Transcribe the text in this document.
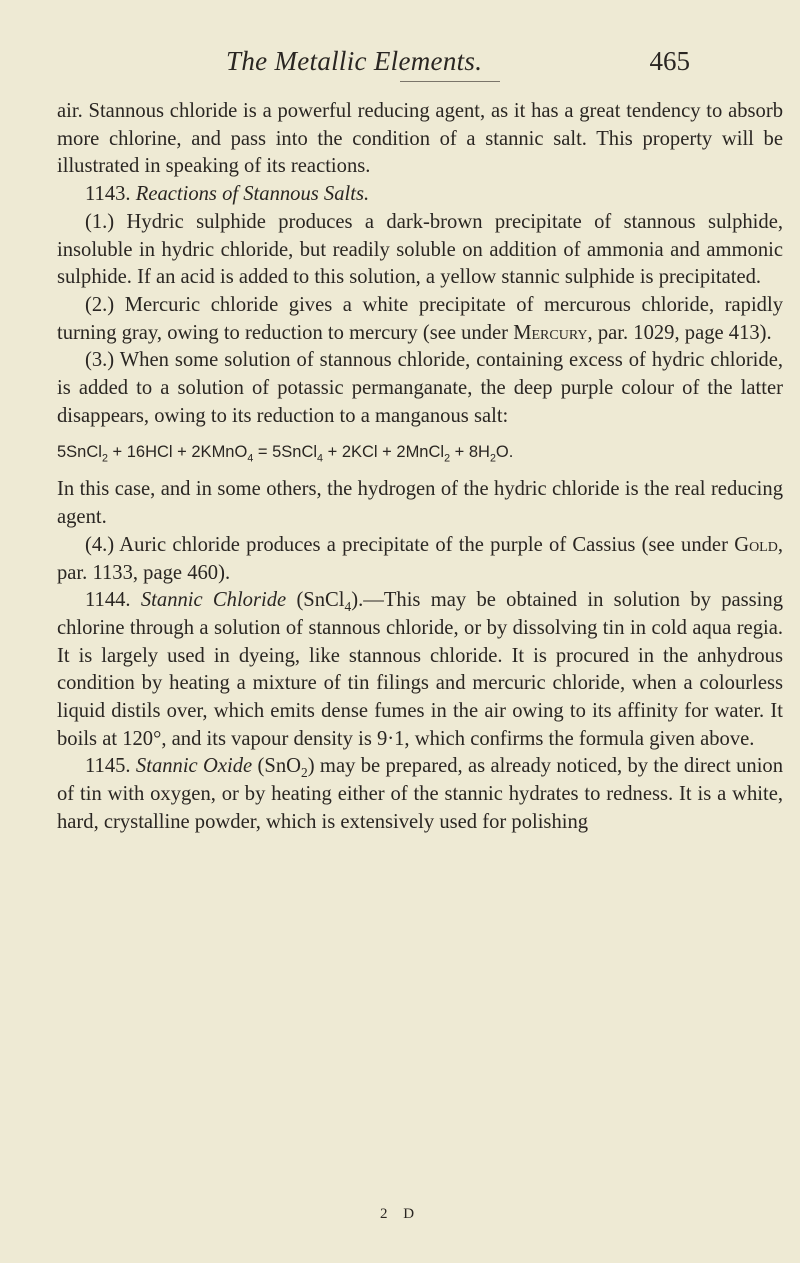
The Metallic Elements.	465

air. Stannous chloride is a powerful reducing agent, as it has a great tendency to absorb more chlorine, and pass into the condition of a stannic salt. This property will be illustrated in speaking of its reactions.

1143. Reactions of Stannous Salts.

(1.) Hydric sulphide produces a dark-brown precipitate of stannous sulphide, insoluble in hydric chloride, but readily soluble on addition of ammonia and ammonic sulphide. If an acid is added to this solution, a yellow stannic sulphide is precipitated.

(2.) Mercuric chloride gives a white precipitate of mercurous chloride, rapidly turning gray, owing to reduction to mercury (see under Mercury, par. 1029, page 413).

(3.) When some solution of stannous chloride, containing excess of hydric chloride, is added to a solution of potassic permanganate, the deep purple colour of the latter disappears, owing to its reduction to a manganous salt:

5SnCl$_2$ + 16HCl + 2KMnO$_4$ = 5SnCl$_4$ + 2KCl + 2MnCl$_2$ + $8H_2O$.

In this case, and in some others, the hydrogen of the hydric chloride is the real reducing agent.

(4.) Auric chloride produces a precipitate of the purple of Cassius (see under Gold, par. 1133, page 460).

1144. Stannic Chloride (SnCl$_4$).—This may be obtained in solution by passing chlorine through a solution of stannous chloride, or by dissolving tin in cold aqua regia. It is largely used in dyeing, like stannous chloride. It is procured in the anhydrous condition by heating a mixture of tin filings and mercuric chloride, when a colourless liquid distils over, which emits dense fumes in the air owing to its affinity for water. It boils at 120°, and its vapour density is 9·1, which confirms the formula given above.

1145. Stannic Oxide (SnO$_2$) may be prepared, as already noticed, by the direct union of tin with oxygen, or by heating either of the stannic hydrates to redness. It is a white, hard, crystalline powder, which is extensively used for polishing

2 D
